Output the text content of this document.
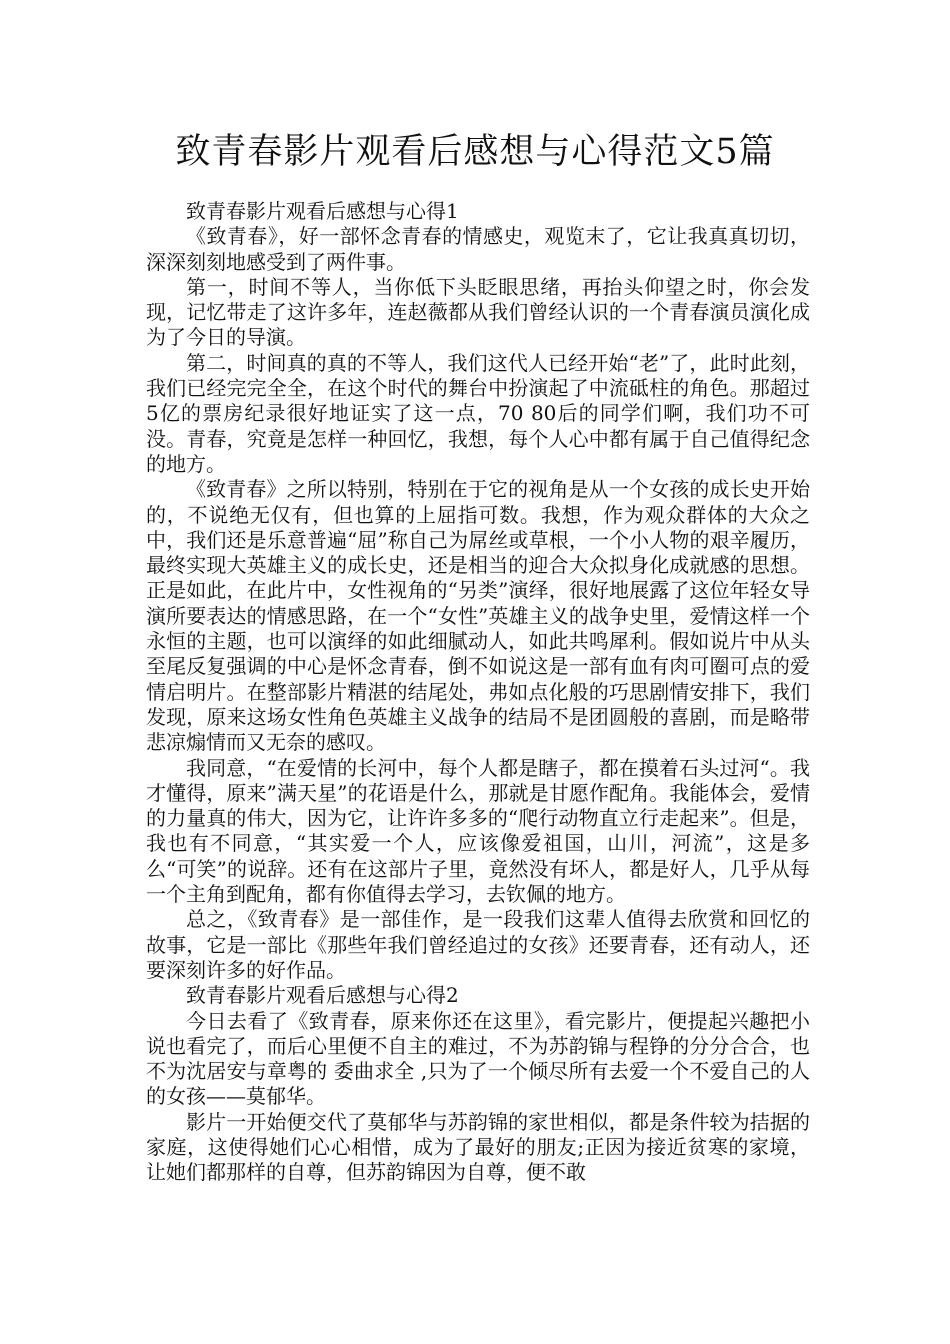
致青春影片观看后感想与心得范文5篇

致青春影片观看后感想与心得1

《致青春》，好一部怀念青春的情感史，观览末了，它让我真真切切，深深刻刻地感受到了两件事。

第一，时间不等人，当你低下头眨眼思绪，再抬头仰望之时，你会发现，记忆带走了这许多年，连赵薇都从我们曾经认识的一个青春演员演化成为了今日的导演。

第二，时间真的真的不等人，我们这代人已经开始“老”了，此时此刻，我们已经完完全全，在这个时代的舞台中扮演起了中流砥柱的角色。那超过5亿的票房纪录很好地证实了这一点，70 80后的同学们啊，我们功不可没。青春，究竟是怎样一种回忆，我想，每个人心中都有属于自己值得纪念的地方。

《致青春》之所以特别，特别在于它的视角是从一个女孩的成长史开始的，不说绝无仅有，但也算的上屈指可数。我想，作为观众群体的大众之中，我们还是乐意普遍“屈”称自己为屌丝或草根，一个小人物的艰辛履历，最终实现大英雄主义的成长史，还是相当的迎合大众拟身化成就感的思想。正是如此，在此片中，女性视角的“另类”演绎，很好地展露了这位年轻女导演所要表达的情感思路，在一个“女性”英雄主义的战争史里，爱情这样一个永恒的主题，也可以演绎的如此细腻动人，如此共鸣犀利。假如说片中从头至尾反复强调的中心是怀念青春，倒不如说这是一部有血有肉可圈可点的爱情启明片。在整部影片精湛的结尾处，弗如点化般的巧思剧情安排下，我们发现，原来这场女性角色英雄主义战争的结局不是团圆般的喜剧，而是略带悲凉煽情而又无奈的感叹。

我同意，“在爱情的长河中，每个人都是瞎子，都在摸着石头过河“。我才懂得，原来”满天星”的花语是什么，那就是甘愿作配角。我能体会，爱情的力量真的伟大，因为它，让许许多多的“爬行动物直立行走起来”。但是，我也有不同意，“其实爱一个人，应该像爱祖国，山川，河流”，这是多么“可笑”的说辞。还有在这部片子里，竟然没有坏人，都是好人，几乎从每一个主角到配角，都有你值得去学习，去钦佩的地方。

总之，《致青春》是一部佳作，是一段我们这辈人值得去欣赏和回忆的故事，它是一部比《那些年我们曾经追过的女孩》还要青春，还有动人，还要深刻许多的好作品。

致青春影片观看后感想与心得2

今日去看了《致青春，原来你还在这里》，看完影片，便提起兴趣把小说也看完了，而后心里便不自主的难过，不为苏韵锦与程铮的分分合合，也不为沈居安与章粤的 委曲求全 ,只为了一个倾尽所有去爱一个不爱自己的人的女孩——莫郁华。

影片一开始便交代了莫郁华与苏韵锦的家世相似，都是条件较为拮据的家庭，这使得她们心心相惜，成为了最好的朋友;正因为接近贫寒的家境，让她们都那样的自尊，但苏韵锦因为自尊，便不敢
